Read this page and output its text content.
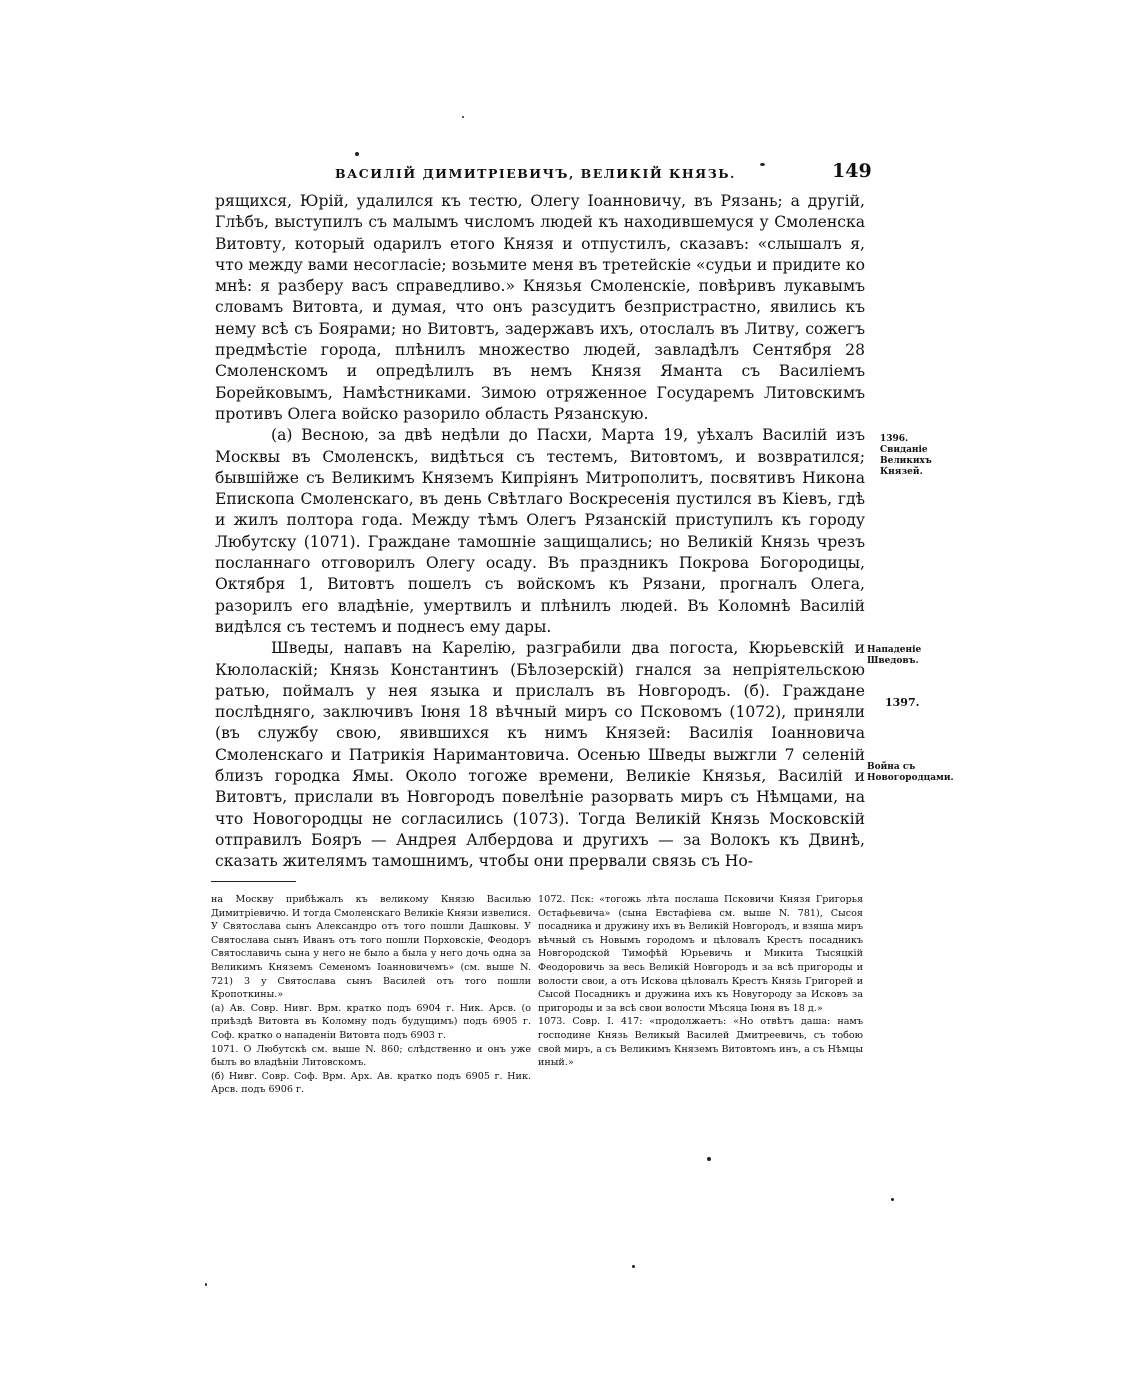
ВАСИЛІЙ ДИМИТРІЕВИЧЪ, ВЕЛИКІЙ КНЯЗЬ.	149

рящихся, Юрій, удалился къ тестю, Олегу Іоанновичу, въ Рязань; а другій, Глѣбъ, выступилъ съ малымъ числомъ людей къ находившемуся у Смоленска Витовту, который одарилъ етого Князя и отпустилъ, сказавъ: «слышалъ я, что между вами несогласіе; возьмите меня въ третейскіе «судьи и придите ко мнѣ: я разберу васъ справедливо.» Князья Смоленскіе, повѣривъ лукавымъ словамъ Витовта, и думая, что онъ разсудитъ безпристрастно, явились къ нему всѣ съ Боярами; но Витовтъ, задержавъ ихъ, отослалъ въ Литву, сожегъ предмѣстіе города, плѣнилъ множество людей, завладѣлъ Сентября 28 Смоленскомъ и опредѣлилъ въ немъ Князя Ямантa съ Василіемъ Борейковымъ, Намѣстниками. Зимою отряженное Государемъ Литовскимъ противъ Олега войско разорило область Рязанскую.

(а) Весною, за двѣ недѣли до Пасхи, Марта 19, уѣхалъ Василій изъ Москвы въ Смоленскъ, видѣться съ тестемъ, Витовтомъ, и возвратился; бывшійже съ Великимъ Княземъ Кипріянъ Митрополитъ, посвятивъ Никона Епископа Смоленскаго, въ день Свѣтлаго Воскресенія пустился въ Кіевъ, гдѣ и жилъ полтора года. Между тѣмъ Олегъ Рязанскій приступилъ къ городу Любутску (1071). Граждане тамошніе защищались; но Великій Князь чрезъ посланнаго отговорилъ Олегу осаду. Въ праздникъ Покрова Богородицы, Октября 1, Витовтъ пошелъ съ войскомъ къ Рязани, прогналъ Олега, разорилъ его владѣніе, умертвилъ и плѣнилъ людей. Въ Коломнѣ Василій видѣлся съ тестемъ и поднесъ ему дары.

Шведы, напавъ на Карелію, разграбили два погоста, Кюрьевскій и Кюлоласкій; Князь Константинъ (Бѣлозерскій) гнался за непріятельскою ратью, поймалъ у нея языка и прислалъ въ Новгородъ. (б). Граждане послѣдняго, заключивъ Іюня 18 вѣчный миръ со Псковомъ (1072), приняли (въ службу свою, явившихся къ нимъ Князей: Василія Іоанновича Смоленскаго и Патрикія Наримантовича. Осенью Шведы выжгли 7 селеній близъ городка Ямы. Около тогоже времени, Великіе Князья, Василій и Витовтъ, прислали въ Новгородъ повелѣніе разорвать миръ съ Нѣмцами, на что Новогородцы не согласились (1073). Тогда Великій Князь Московскій отправилъ Бояръ — Андрея Албердова и другихъ — за Волокъ къ Двинѣ, сказать жителямъ тамошнимъ, чтобы они прервали связь съ Но-

1396.
Свиданіе Великихъ Князей.
Нападеніе Шведовъ.
1397.
Война съ Новогородцами.

на Москву прибѣжалъ къ великому Князю Василью Димитріевичю. И тогда Смоленскаго Великіе Князи извелися. У Святослава сынъ Александро отъ того пошли Дашковы. У Святослава сынъ Иванъ отъ того пошли Порховскіе, Феодоръ Святославичь сына у него не было а была у него дочь одна за Великимъ Княземъ Семеномъ Іоанновичемъ» (см. выше N. 721) 3 у Святослава сынъ Василей отъ того пошли Кропоткины.»

(а) Ав. Совр. Нивг. Врм. кратко подъ 6904 г. Ник. Арсв. (о приѣздѣ Витовта въ Коломну подъ будущимъ) подъ 6905 г. Соф. кратко о нападеніи Витовта подъ 6903 г.

1071. О Любутскѣ см. выше N. 860; слѣдственно и онъ уже былъ во владѣніи Литовскомъ.

(б) Нивг. Совр. Соф. Врм. Арх. Ав. кратко подъ 6905 г. Ник. Арсв. подъ 6906 г.

1072. Пск: «тогожь лѣта послаша Псковичи Князя Григорья Остафьевича» (сына Евстафіева см. выше N. 781), Сысоя посадника и дружину ихъ въ Великій Новгородъ, и взяша миръ вѣчный съ Новымъ городомъ и цѣловалъ Крестъ посадникъ Новгородской Тимофѣй Юрьевичь и Микита Тысяцкій Феодоровичь за весь Великій Новгородъ и за всѣ пригороды и волости свои, а отъ Искова цѣловалъ Крестъ Князь Григорей и Сысой Посадникъ и дружина ихъ къ Новугороду за Исковъ за пригороды и за всѣ свои волости Мѣсяца Іюня въ 18 д.»

1073. Совр. I. 417: «продолжаетъ: «Но отвѣтъ даша: намъ господине Князь Великый Василей Дмитреевичь, съ тобою свой миръ, а съ Великимъ Княземъ Витовтомъ инъ, а съ Нѣмцы иный.»
